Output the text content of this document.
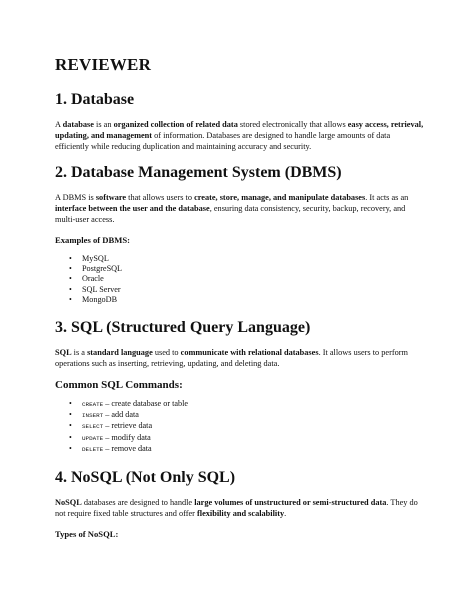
REVIEWER
1. Database

A database is an organized collection of related data stored electronically that allows easy access, retrieval, updating, and management of information. Databases are designed to handle large amounts of data efficiently while reducing duplication and maintaining accuracy and security.

2. Database Management System (DBMS)

A DBMS is software that allows users to create, store, manage, and manipulate databases. It acts as an interface between the user and the database, ensuring data consistency, security, backup, recovery, and multi-user access.

Examples of DBMS:
• MySQL
• PostgreSQL
• Oracle
• SQL Server
• MongoDB
3. SQL (Structured Query Language)

SQL is a standard language used to communicate with relational databases. It allows users to perform operations such as inserting, retrieving, updating, and deleting data.

Common SQL Commands:
• CREATE – create database or table
• INSERT – add data
• SELECT – retrieve data
• UPDATE – modify data
• DELETE – remove data
4. NoSQL (Not Only SQL)

NoSQL databases are designed to handle large volumes of unstructured or semi-structured data. They do not require fixed table structures and offer flexibility and scalability.

Types of NoSQL:
